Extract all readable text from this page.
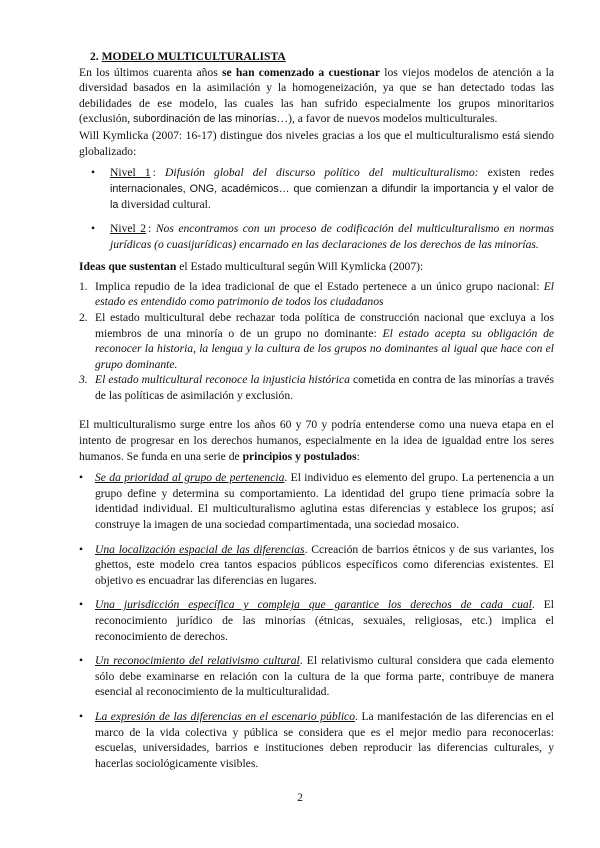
2. MODELO MULTICULTURALISTA

En los últimos cuarenta años se han comenzado a cuestionar los viejos modelos de atención a la diversidad basados en la asimilación y la homogeneización, ya que se han detectado todas las debilidades de ese modelo, las cuales las han sufrido especialmente los grupos minoritarios (exclusión, subordinación de las minorías…), a favor de nuevos modelos multiculturales.

Will Kymlicka (2007: 16-17) distingue dos niveles gracias a los que el multiculturalismo está siendo globalizado:

• Nivel 1 : Difusión global del discurso político del multiculturalismo: existen redes internacionales, ONG, académicos… que comienzan a difundir la importancia y el valor de la diversidad cultural.
• Nivel 2 : Nos encontramos con un proceso de codificación del multiculturalismo en normas jurídicas (o cuasijurídicas) encarnado en las declaraciones de los derechos de las minorías.

Ideas que sustentan el Estado multicultural según Will Kymlicka (2007):

1. Implica repudio de la idea tradicional de que el Estado pertenece a un único grupo nacional: El estado es entendido como patrimonio de todos los ciudadanos
2. El estado multicultural debe rechazar toda política de construcción nacional que excluya a los miembros de una minoría o de un grupo no dominante: El estado acepta su obligación de reconocer la historia, la lengua y la cultura de los grupos no dominantes al igual que hace con el grupo dominante.
3. El estado multicultural reconoce la injusticia histórica cometida en contra de las minorías a través de las políticas de asimilación y exclusión.

El multiculturalismo surge entre los años 60 y 70 y podría entenderse como una nueva etapa en el intento de progresar en los derechos humanos, especialmente en la idea de igualdad entre los seres humanos. Se funda en una serie de principios y postulados:

• Se da prioridad al grupo de pertenencia. El individuo es elemento del grupo. La pertenencia a un grupo define y determina su comportamiento. La identidad del grupo tiene primacía sobre la identidad individual. El multiculturalismo aglutina estas diferencias y establece los grupos; así construye la imagen de una sociedad compartimentada, una sociedad mosaico.
• Una localización espacial de las diferencias. Ccreación de barrios étnicos y de sus variantes, los ghettos, este modelo crea tantos espacios públicos específicos como diferencias existentes. El objetivo es encuadrar las diferencias en lugares.
• Una jurisdicción específica y compleja que garantice los derechos de cada cual. El reconocimiento jurídico de las minorías (étnicas, sexuales, religiosas, etc.) implica el reconocimiento de derechos.
• Un reconocimiento del relativismo cultural. El relativismo cultural considera que cada elemento sólo debe examinarse en relación con la cultura de la que forma parte, contribuye de manera esencial al reconocimiento de la multiculturalidad.
• La expresión de las diferencias en el escenario público. La manifestación de las diferencias en el marco de la vida colectiva y pública se considera que es el mejor medio para reconocerlas: escuelas, universidades, barrios e instituciones deben reproducir las diferencias culturales, y hacerlas sociológicamente visibles.
2
